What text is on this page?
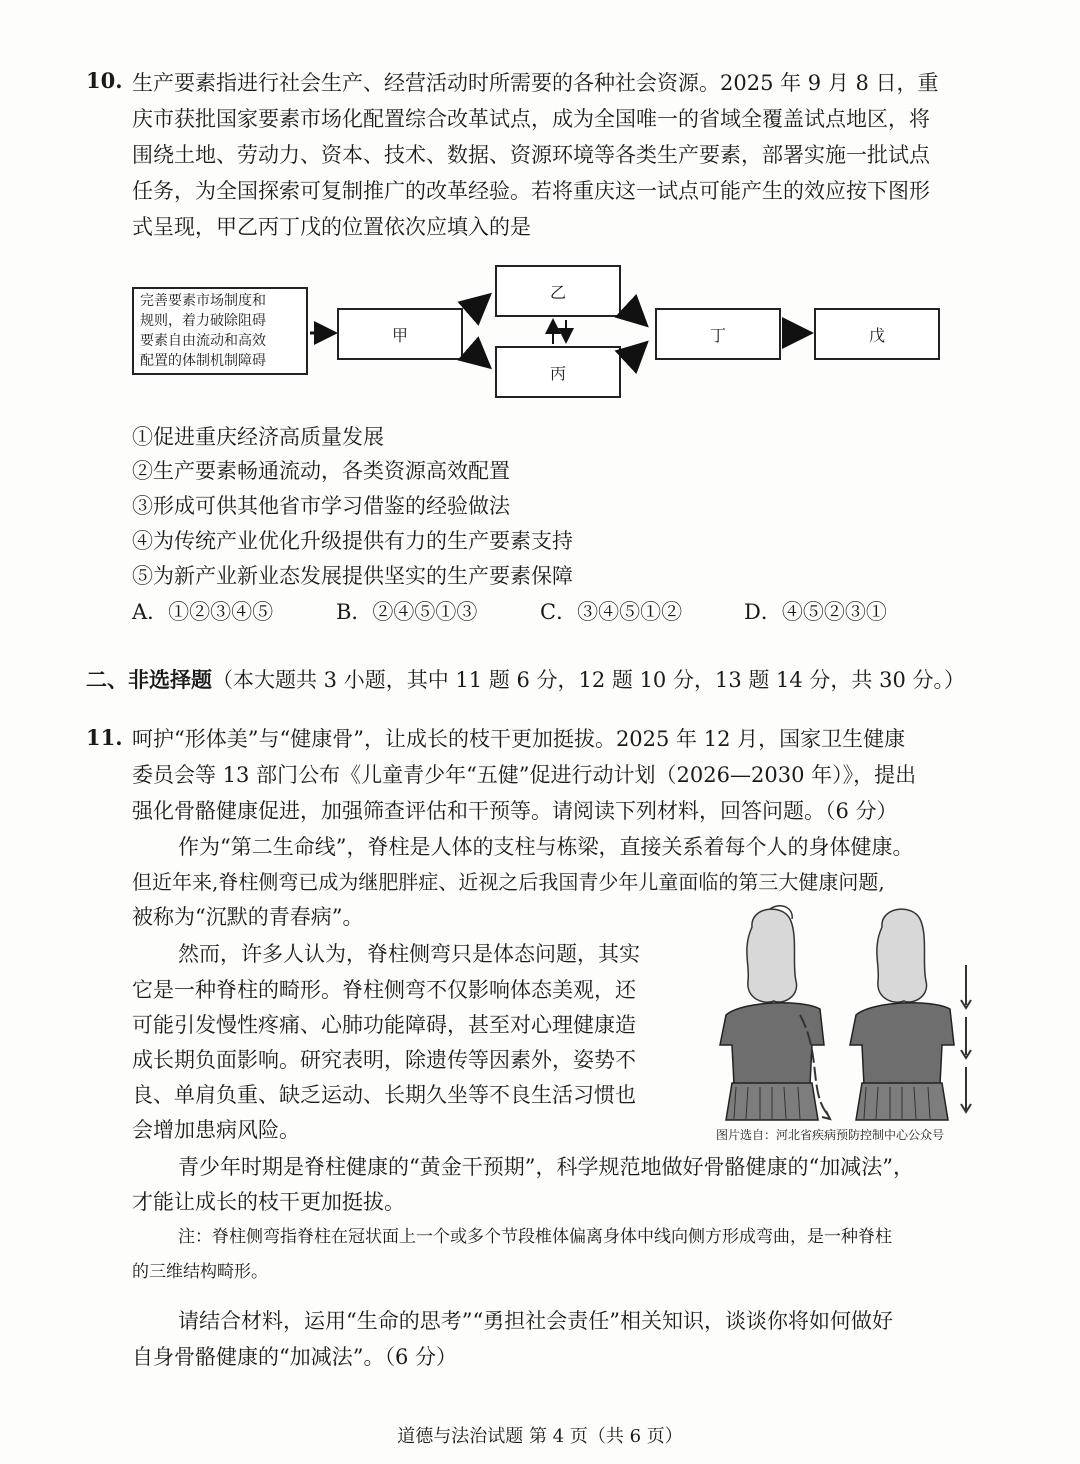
10. 生产要素指进行社会生产、经营活动时所需要的各种社会资源。2025 年 9 月 8 日，重
庆市获批国家要素市场化配置综合改革试点，成为全国唯一的省域全覆盖试点地区，将
围绕土地、劳动力、资本、技术、数据、资源环境等各类生产要素，部署实施一批试点
任务，为全国探索可复制推广的改革经验。若将重庆这一试点可能产生的效应按下图形
式呈现，甲乙丙丁戊的位置依次应填入的是
完善要素市场制度和
规则，着力破除阻碍
要素自由流动和高效
配置的体制机制障碍
甲
乙
丙
丁	戊
①促进重庆经济高质量发展
②生产要素畅通流动，各类资源高效配置
③形成可供其他省市学习借鉴的经验做法
④为传统产业优化升级提供有力的生产要素支持
⑤为新产业新业态发展提供坚实的生产要素保障
A．①②③④⑤	B．②④⑤①③	C．③④⑤①②	D．④⑤②③①
二、非选择题（本大题共 3 小题，其中 11 题 6 分，12 题 10 分，13 题 14 分，共 30 分。）
11. 呵护“形体美”与“健康骨”，让成长的枝干更加挺拔。2025 年 12 月，国家卫生健康
委员会等 13 部门公布《儿童青少年“五健”促进行动计划（2026—2030 年）》，提出
强化骨骼健康促进，加强筛查评估和干预等。请阅读下列材料，回答问题。（6 分）
作为“第二生命线”，脊柱是人体的支柱与栋梁，直接关系着每个人的身体健康。
但近年来,脊柱侧弯已成为继肥胖症、近视之后我国青少年儿童面临的第三大健康问题,
被称为“沉默的青春病”。
然而，许多人认为，脊柱侧弯只是体态问题，其实
它是一种脊柱的畸形。脊柱侧弯不仅影响体态美观，还
可能引发慢性疼痛、心肺功能障碍，甚至对心理健康造
成长期负面影响。研究表明，除遗传等因素外，姿势不
良、单肩负重、缺乏运动、长期久坐等不良生活习惯也
会增加患病风险。	图片选自：河北省疾病预防控制中心公众号
青少年时期是脊柱健康的“黄金干预期”，科学规范地做好骨骼健康的“加减法”，
才能让成长的枝干更加挺拔。
注：脊柱侧弯指脊柱在冠状面上一个或多个节段椎体偏离身体中线向侧方形成弯曲，是一种脊柱
的三维结构畸形。
请结合材料，运用“生命的思考”“勇担社会责任”相关知识，谈谈你将如何做好
自身骨骼健康的“加减法”。（6 分）
道德与法治试题 第 4 页（共 6 页）
